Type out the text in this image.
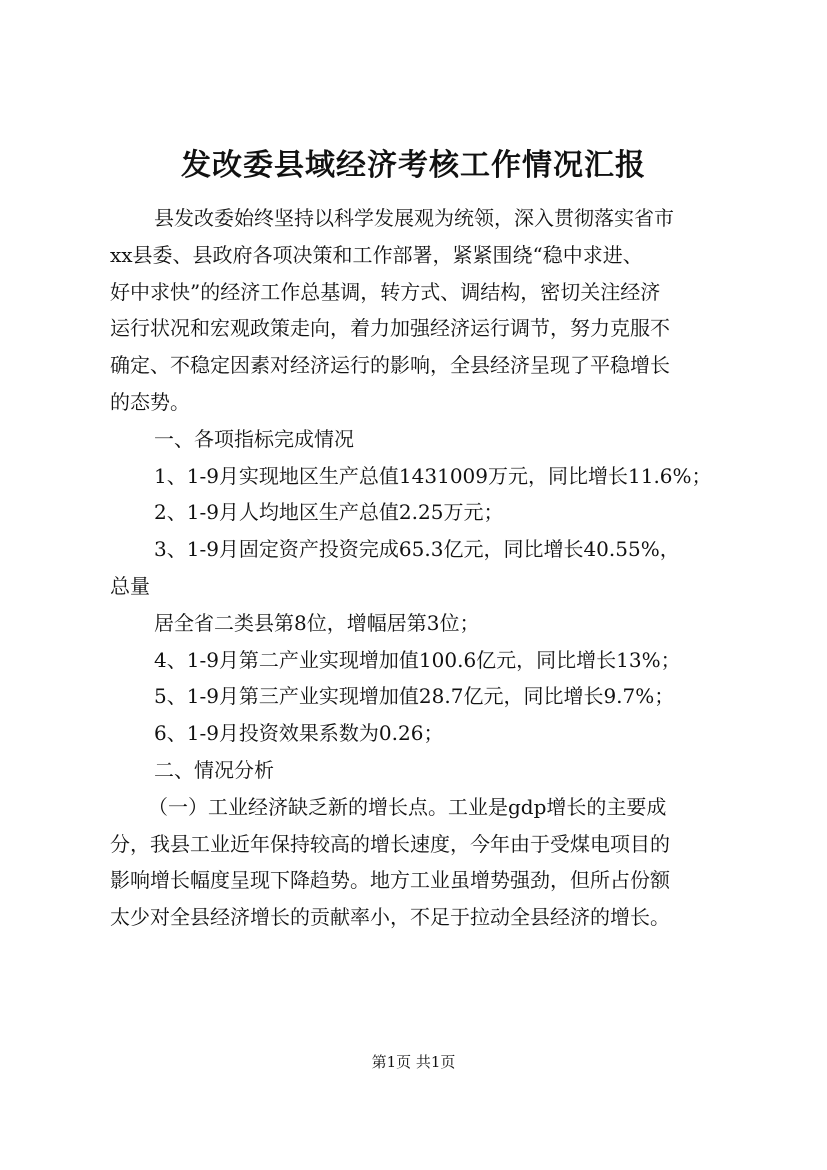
发改委县域经济考核工作情况汇报
县发改委始终坚持以科学发展观为统领，深入贯彻落实省市
xx县委、县政府各项决策和工作部署，紧紧围绕“稳中求进、
好中求快”的经济工作总基调，转方式、调结构，密切关注经济
运行状况和宏观政策走向，着力加强经济运行调节，努力克服不
确定、不稳定因素对经济运行的影响，全县经济呈现了平稳增长
的态势。
一、各项指标完成情况
1、1-9月实现地区生产总值1431009万元，同比增长11.6%；
2、1-9月人均地区生产总值2.25万元；
3、1-9月固定资产投资完成65.3亿元，同比增长40.55%，
总量
居全省二类县第8位，增幅居第3位；
4、1-9月第二产业实现增加值100.6亿元，同比增长13%；
5、1-9月第三产业实现增加值28.7亿元，同比增长9.7%；
6、1-9月投资效果系数为0.26；
二、情况分析
（一）工业经济缺乏新的增长点。工业是gdp增长的主要成
分，我县工业近年保持较高的增长速度，今年由于受煤电项目的
影响增长幅度呈现下降趋势。地方工业虽增势强劲，但所占份额
太少对全县经济增长的贡献率小，不足于拉动全县经济的增长。
第1页 共1页
